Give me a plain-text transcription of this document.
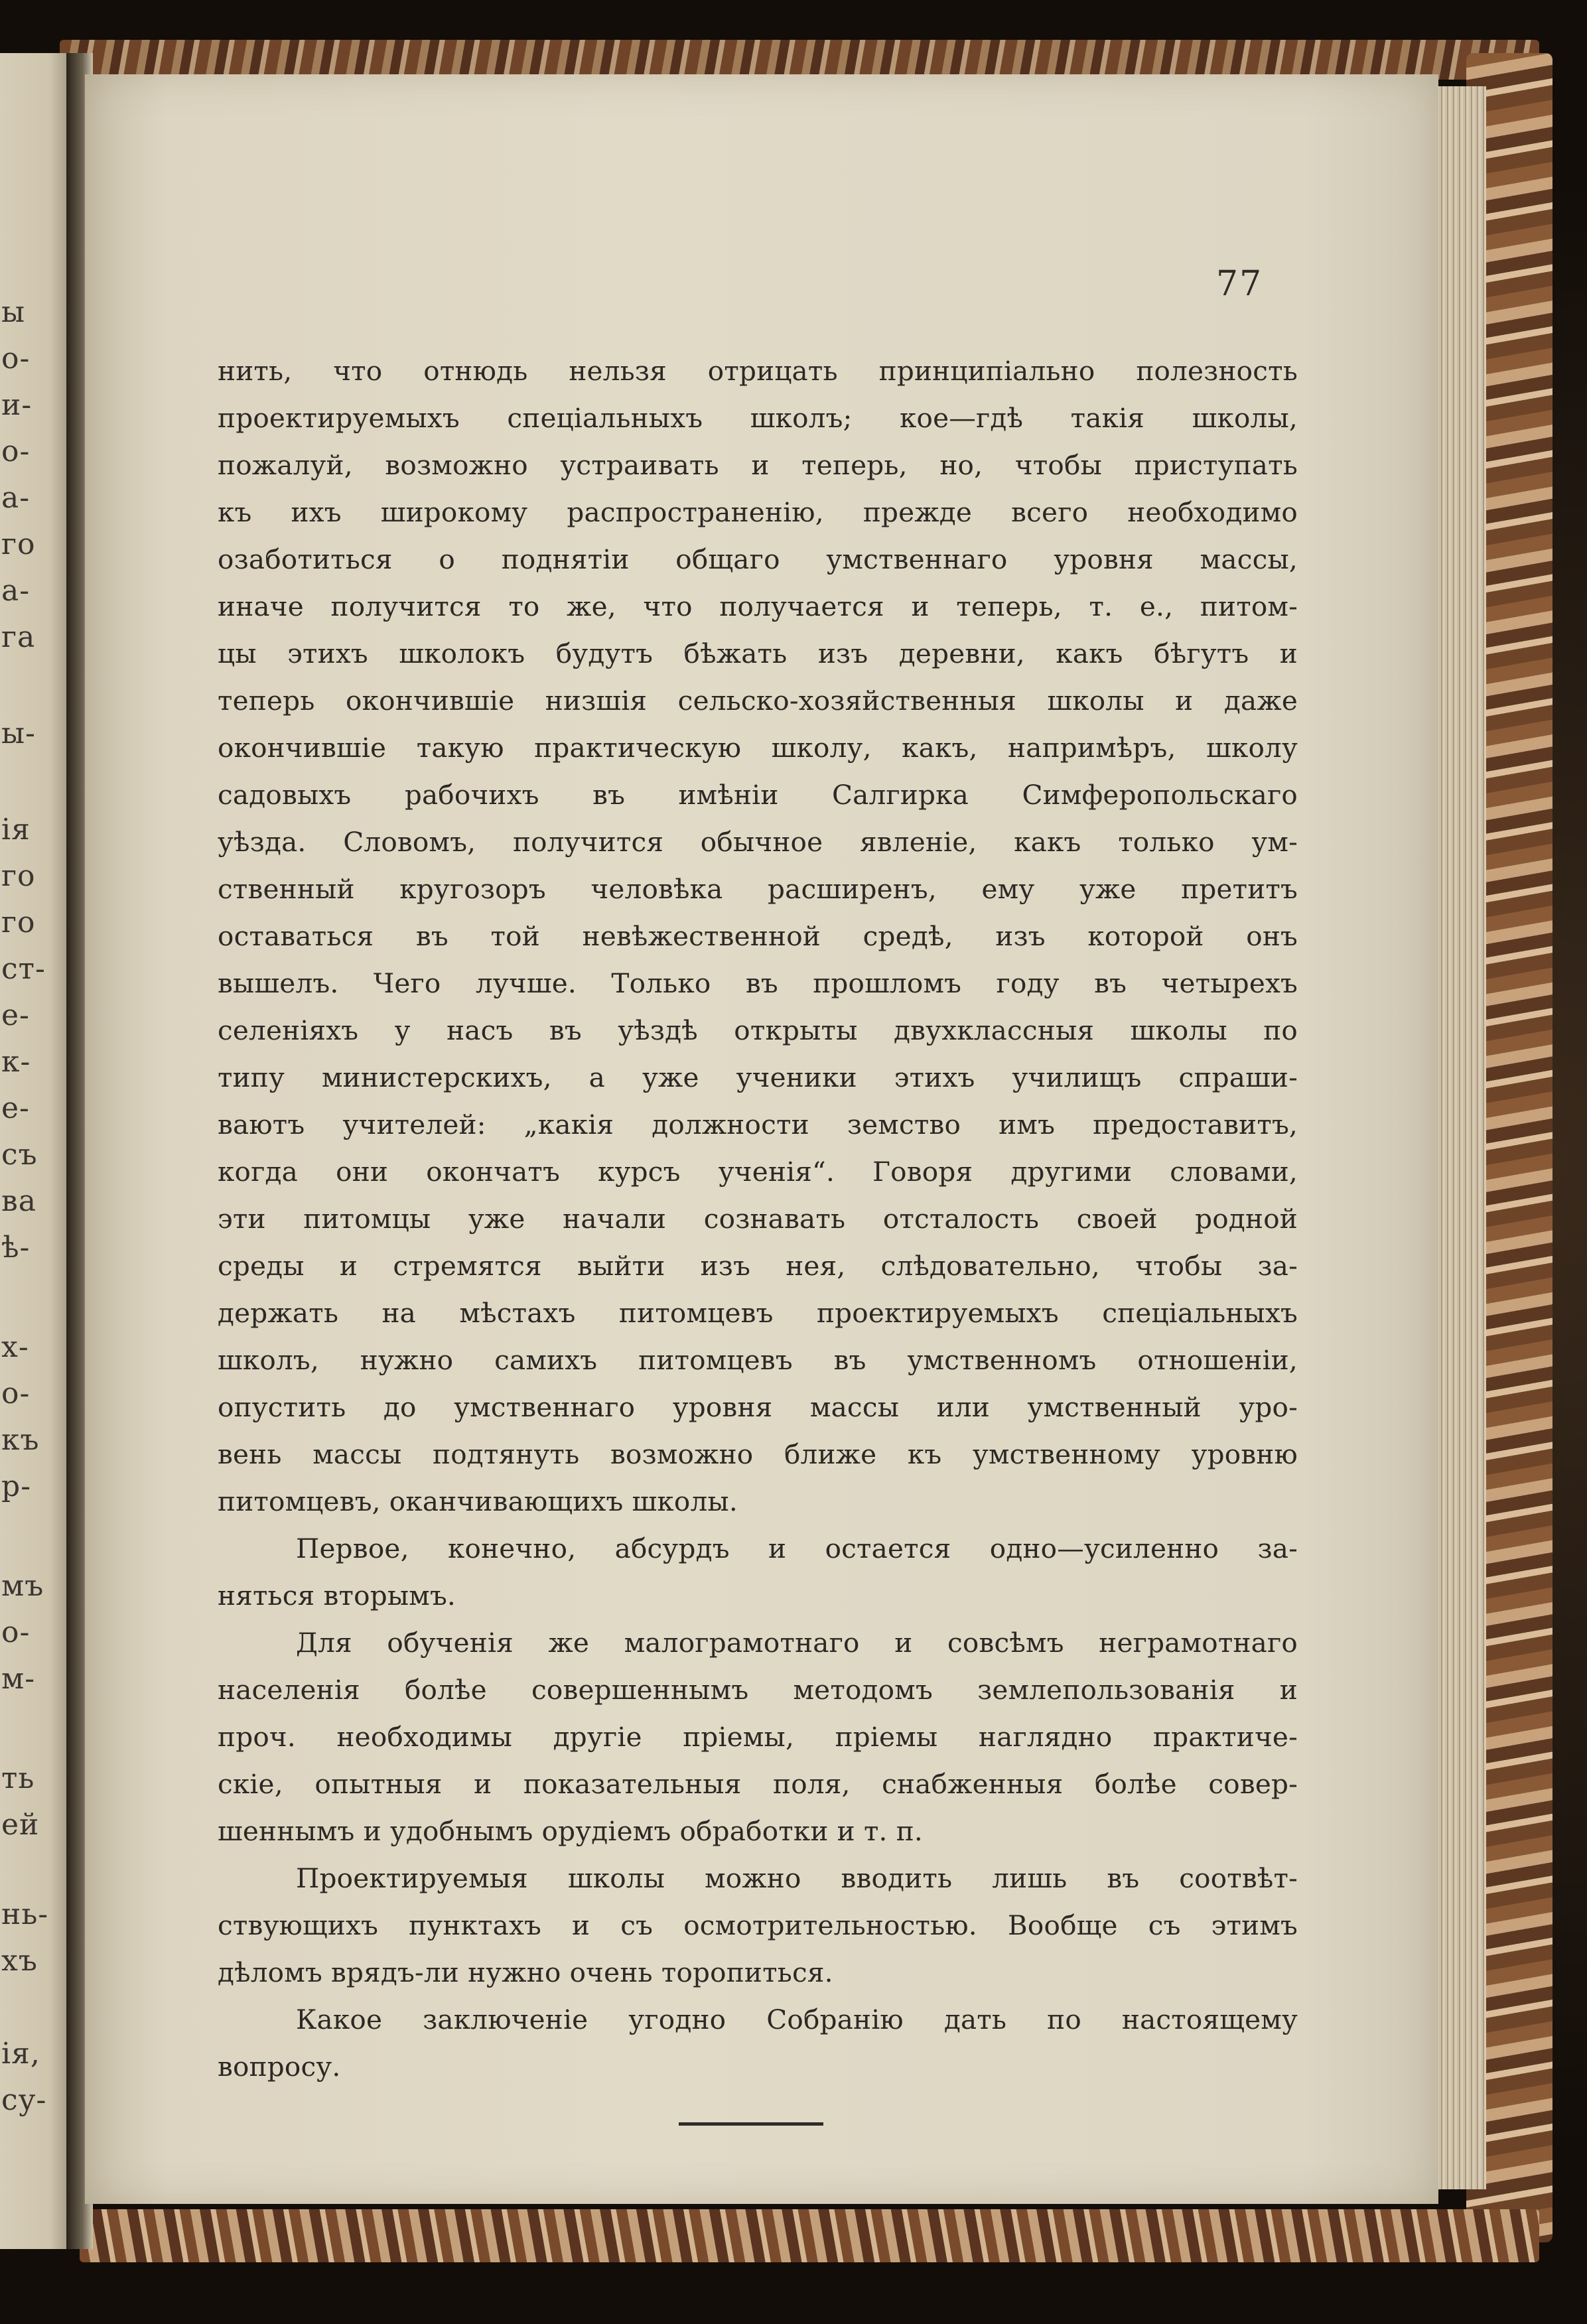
ы
о-
и-
о-
а-
го
а-
га
ы-
iя
го
го
ст-
е-
к-
е-
съ
ва
ѣ-
х-
о-
къ
р-
мъ
о-
м-
ть
ей
нь-
хъ
iя,
су-
77
нить, что отнюдь нельзя отрицать принципіально полезность
проектируемыхъ спеціальныхъ школъ; кое—гдѣ такія школы,
пожалуй, возможно устраивать и теперь, но, чтобы приступать
къ ихъ широкому распространенію, прежде всего необходимо
озаботиться о поднятіи общаго умственнаго уровня массы,
иначе получится то же, что получается и теперь, т. е., питом-
цы этихъ школокъ будутъ бѣжать изъ деревни, какъ бѣгутъ и
теперь окончившіе низшія сельско-хозяйственныя школы и даже
окончившіе такую практическую школу, какъ, напримѣръ, школу
садовыхъ рабочихъ въ имѣніи Салгирка Симферопольскаго
уѣзда. Словомъ, получится обычное явленіе, какъ только ум-
ственный кругозоръ человѣка расширенъ, ему уже претитъ
оставаться въ той невѣжественной средѣ, изъ которой онъ
вышелъ. Чего лучше. Только въ прошломъ году въ четырехъ
селеніяхъ у насъ въ уѣздѣ открыты двухклассныя школы по
типу министерскихъ, а уже ученики этихъ училищъ спраши-
ваютъ учителей: „какія должности земство имъ предоставитъ,
когда они окончатъ курсъ ученія“. Говоря другими словами,
эти питомцы уже начали сознавать отсталость своей родной
среды и стремятся выйти изъ нея, слѣдовательно, чтобы за-
держать на мѣстахъ питомцевъ проектируемыхъ спеціальныхъ
школъ, нужно самихъ питомцевъ въ умственномъ отношеніи,
опустить до умственнаго уровня массы или умственный уро-
вень массы подтянуть возможно ближе къ умственному уровню
питомцевъ, оканчивающихъ школы.
Первое, конечно, абсурдъ и остается одно—усиленно за-
няться вторымъ.
Для обученія же малограмотнаго и совсѣмъ неграмотнаго
населенія болѣе совершеннымъ методомъ землепользованія и
проч. необходимы другіе пріемы, пріемы наглядно практиче-
скіе, опытныя и показательныя поля, снабженныя болѣе совер-
шеннымъ и удобнымъ орудіемъ обработки и т. п.
Проектируемыя школы можно вводить лишь въ соотвѣт-
ствующихъ пунктахъ и съ осмотрительностью. Вообще съ этимъ
дѣломъ врядъ-ли нужно очень торопиться.
Какое заключеніе угодно Собранію дать по настоящему
вопросу.
